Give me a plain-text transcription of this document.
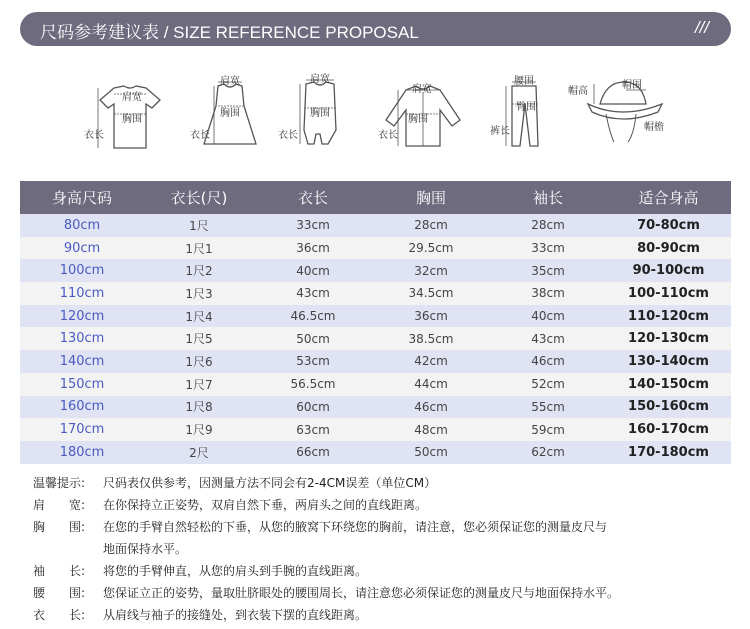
尺码参考建议表 / SIZE REFERENCE PROPOSAL	///
肩宽
胸围
衣长
肩宽
胸围
衣长
肩宽
胸围
衣长
肩宽
胸围
衣长
腰围
臀围
裤长
帽高
帽围
帽檐
身高尺码	衣长(尺)	衣长	胸围	袖长	适合身高
80cm	1尺	33cm	28cm	28cm	70-80cm
90cm	1尺1	36cm	29.5cm	33cm	80-90cm
100cm	1尺2	40cm	32cm	35cm	90-100cm
110cm	1尺3	43cm	34.5cm	38cm	100-110cm
120cm	1尺4	46.5cm	36cm	40cm	110-120cm
130cm	1尺5	50cm	38.5cm	43cm	120-130cm
140cm	1尺6	53cm	42cm	46cm	130-140cm
150cm	1尺7	56.5cm	44cm	52cm	140-150cm
160cm	1尺8	60cm	46cm	55cm	150-160cm
170cm	1尺9	63cm	48cm	59cm	160-170cm
180cm	2尺	66cm	50cm	62cm	170-180cm
温馨提示: 尺码表仅供参考，因测量方法不同会有2-4CM误差（单位CM）
肩　　宽: 在你保持立正姿势，双肩自然下垂，两肩头之间的直线距离。
胸　　围: 在您的手臂自然轻松的下垂，从您的腋窝下环绕您的胸前，请注意，您必须保证您的测量皮尺与
地面保持水平。
袖　　长: 将您的手臂伸直，从您的肩头到手腕的直线距离。
腰　　围: 您保证立正的姿势，量取肚脐眼处的腰围周长，请注意您必须保证您的测量皮尺与地面保持水平。
衣　　长: 从肩线与袖子的接缝处，到衣装下摆的直线距离。
